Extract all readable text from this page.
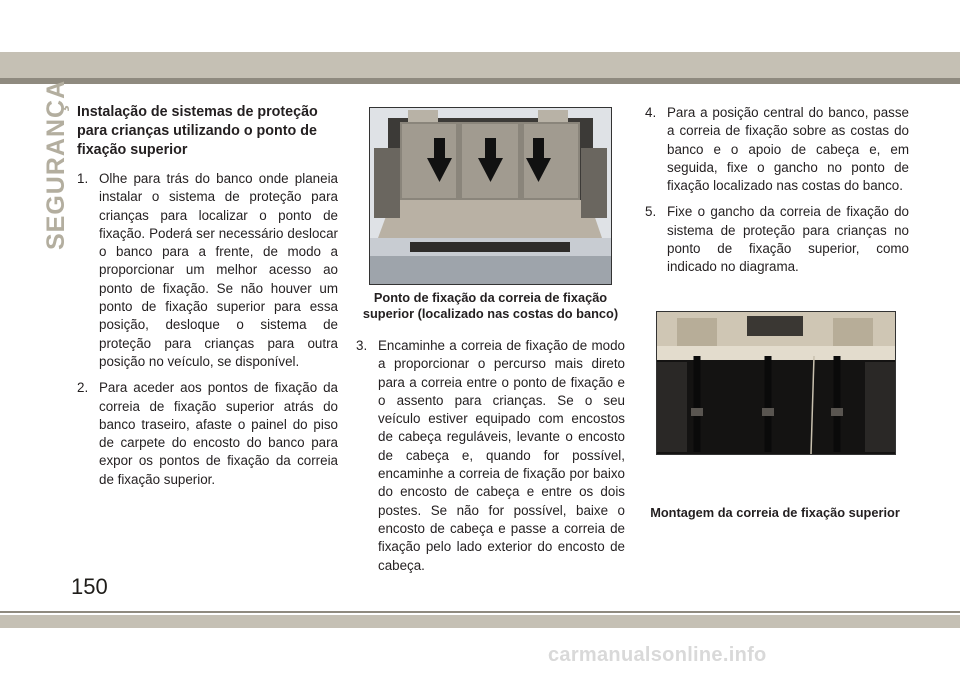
SEGURANÇA Instalação de sistemas de proteção para crianças utilizando o ponto de fixação superior
1. Olhe para trás do banco onde planeia instalar o sistema de proteção para crianças para localizar o ponto de fixação. Poderá ser necessário deslocar o banco para a frente, de modo a proporcionar um melhor acesso ao ponto de fixação. Se não houver um ponto de fixação superior para essa posição, desloque o sistema de proteção para crianças para outra posição no veículo, se disponível.
2. Para aceder aos pontos de fixação da correia de fixação superior atrás do banco traseiro, afaste o painel do piso de carpete do encosto do banco para expor os pontos de fixação da correia de fixação superior.
Ponto de fixação da correia de fixação superior (localizado nas costas do banco)
3. Encaminhe a correia de fixação de modo a proporcionar o percurso mais direto para a correia entre o ponto de fixação e o assento para crianças. Se o seu veículo estiver equipado com encostos de cabeça reguláveis, levante o encosto de cabeça e, quando for possível, encaminhe a correia de fixação por baixo do encosto de cabeça e entre os dois postes. Se não for possível, baixe o encosto de cabeça e passe a correia de fixação pelo lado exterior do encosto de cabeça.
4. Para a posição central do banco, passe a correia de fixação sobre as costas do banco e o apoio de cabeça e, em seguida, fixe o gancho no ponto de fixação localizado nas costas do banco.
5. Fixe o gancho da correia de fixação do sistema de proteção para crianças no ponto de fixação superior, como indicado no diagrama.
Montagem da correia de fixação superior
150
carmanualsonline.info
